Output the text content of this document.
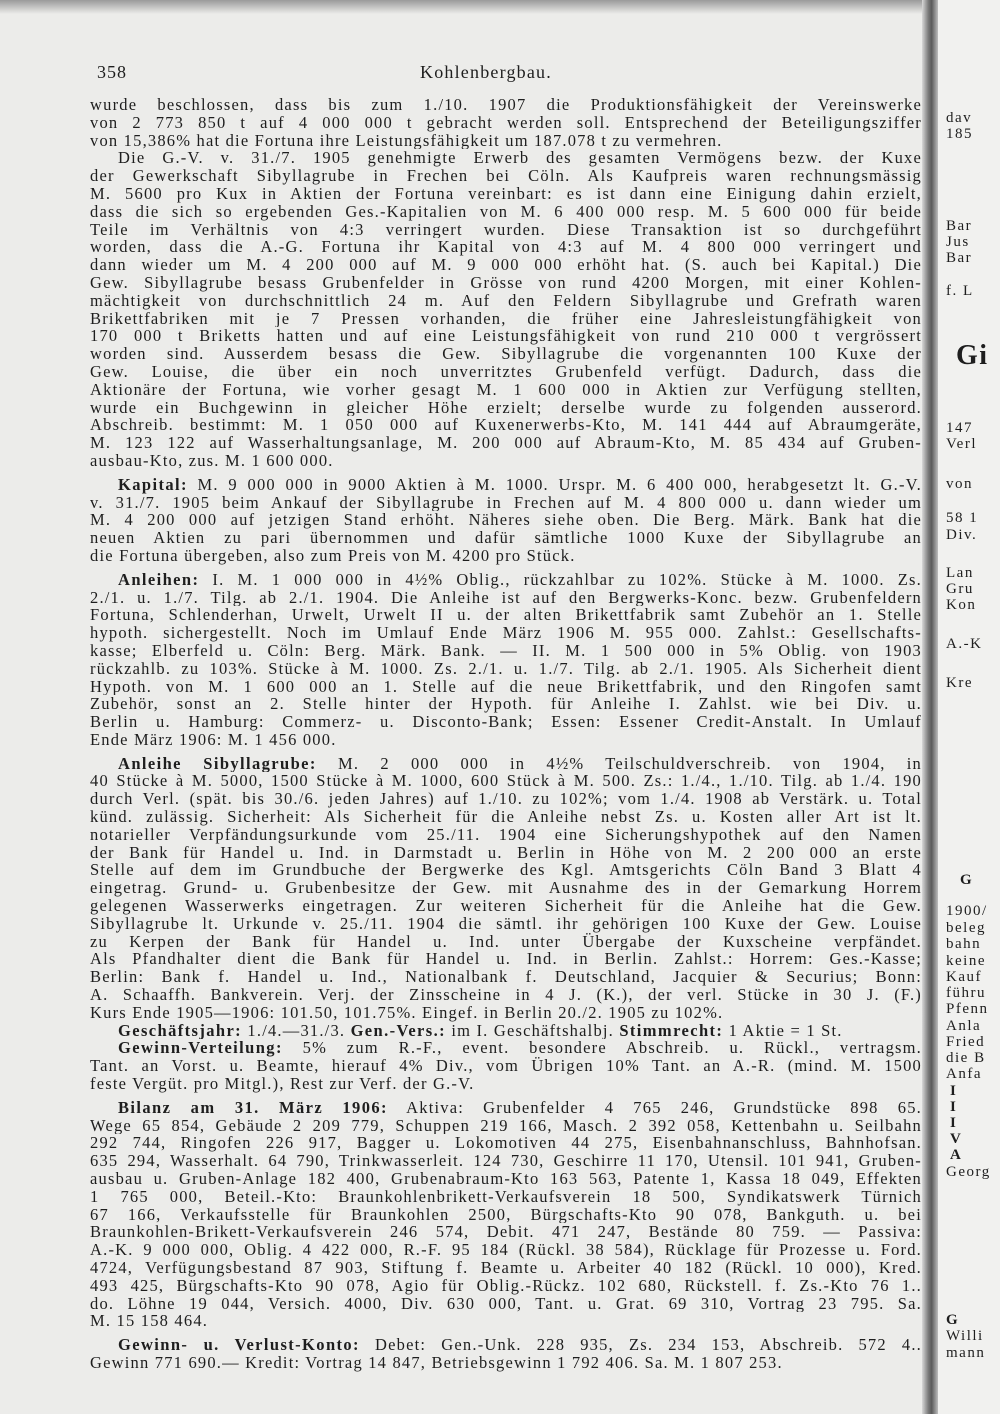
358	Kohlenbergbau.
wurde beschlossen, dass bis zum 1./10. 1907 die Produktionsfähigkeit der Vereinswerke
von 2 773 850 t auf 4 000 000 t gebracht werden soll. Entsprechend der Beteiligungsziffer
von 15,386% hat die Fortuna ihre Leistungsfähigkeit um 187.078 t zu vermehren.
Die G.-V. v. 31./7. 1905 genehmigte Erwerb des gesamten Vermögens bezw. der Kuxe
der Gewerkschaft Sibyllagrube in Frechen bei Cöln. Als Kaufpreis waren rechnungsmässig
M. 5600 pro Kux in Aktien der Fortuna vereinbart: es ist dann eine Einigung dahin erzielt,
dass die sich so ergebenden Ges.-Kapitalien von M. 6 400 000 resp. M. 5 600 000 für beide
Teile im Verhältnis von 4:3 verringert wurden. Diese Transaktion ist so durchgeführt
worden, dass die A.-G. Fortuna ihr Kapital von 4:3 auf M. 4 800 000 verringert und
dann wieder um M. 4 200 000 auf M. 9 000 000 erhöht hat. (S. auch bei Kapital.) Die
Gew. Sibyllagrube besass Grubenfelder in Grösse von rund 4200 Morgen, mit einer Kohlen-
mächtigkeit von durchschnittlich 24 m. Auf den Feldern Sibyllagrube und Grefrath waren
Brikettfabriken mit je 7 Pressen vorhanden, die früher eine Jahresleistungfähigkeit von
170 000 t Briketts hatten und auf eine Leistungsfähigkeit von rund 210 000 t vergrössert
worden sind. Ausserdem besass die Gew. Sibyllagrube die vorgenannten 100 Kuxe der
Gew. Louise, die über ein noch unverritztes Grubenfeld verfügt. Dadurch, dass die
Aktionäre der Fortuna, wie vorher gesagt M. 1 600 000 in Aktien zur Verfügung stellten,
wurde ein Buchgewinn in gleicher Höhe erzielt; derselbe wurde zu folgenden ausserord.
Abschreib. bestimmt: M. 1 050 000 auf Kuxenerwerbs-Kto, M. 141 444 auf Abraumgeräte,
M. 123 122 auf Wasserhaltungsanlage, M. 200 000 auf Abraum-Kto, M. 85 434 auf Gruben-
ausbau-Kto, zus. M. 1 600 000.
Kapital: M. 9 000 000 in 9000 Aktien à M. 1000. Urspr. M. 6 400 000, herabgesetzt lt. G.-V.
v. 31./7. 1905 beim Ankauf der Sibyllagrube in Frechen auf M. 4 800 000 u. dann wieder um
M. 4 200 000 auf jetzigen Stand erhöht. Näheres siehe oben. Die Berg. Märk. Bank hat die
neuen Aktien zu pari übernommen und dafür sämtliche 1000 Kuxe der Sibyllagrube an
die Fortuna übergeben, also zum Preis von M. 4200 pro Stück.
Anleihen: I. M. 1 000 000 in 4½% Oblig., rückzahlbar zu 102%. Stücke à M. 1000. Zs.
2./1. u. 1./7. Tilg. ab 2./1. 1904. Die Anleihe ist auf den Bergwerks-Konc. bezw. Grubenfeldern
Fortuna, Schlenderhan, Urwelt, Urwelt II u. der alten Brikettfabrik samt Zubehör an 1. Stelle
hypoth. sichergestellt. Noch im Umlauf Ende März 1906 M. 955 000. Zahlst.: Gesellschafts-
kasse; Elberfeld u. Cöln: Berg. Märk. Bank. — II. M. 1 500 000 in 5% Oblig. von 1903
rückzahlb. zu 103%. Stücke à M. 1000. Zs. 2./1. u. 1./7. Tilg. ab 2./1. 1905. Als Sicherheit dient
Hypoth. von M. 1 600 000 an 1. Stelle auf die neue Brikettfabrik, und den Ringofen samt
Zubehör, sonst an 2. Stelle hinter der Hypoth. für Anleihe I. Zahlst. wie bei Div. u.
Berlin u. Hamburg: Commerz- u. Disconto-Bank; Essen: Essener Credit-Anstalt. In Umlauf
Ende März 1906: M. 1 456 000.
Anleihe Sibyllagrube: M. 2 000 000 in 4½% Teilschuldverschreib. von 1904, in
40 Stücke à M. 5000, 1500 Stücke à M. 1000, 600 Stück à M. 500. Zs.: 1./4., 1./10. Tilg. ab 1./4. 190
durch Verl. (spät. bis 30./6. jeden Jahres) auf 1./10. zu 102%; vom 1./4. 1908 ab Verstärk. u. Total
künd. zulässig. Sicherheit: Als Sicherheit für die Anleihe nebst Zs. u. Kosten aller Art ist lt.
notarieller Verpfändungsurkunde vom 25./11. 1904 eine Sicherungshypothek auf den Namen
der Bank für Handel u. Ind. in Darmstadt u. Berlin in Höhe von M. 2 200 000 an erste
Stelle auf dem im Grundbuche der Bergwerke des Kgl. Amtsgerichts Cöln Band 3 Blatt 4
eingetrag. Grund- u. Grubenbesitze der Gew. mit Ausnahme des in der Gemarkung Horrem
gelegenen Wasserwerks eingetragen. Zur weiteren Sicherheit für die Anleihe hat die Gew.
Sibyllagrube lt. Urkunde v. 25./11. 1904 die sämtl. ihr gehörigen 100 Kuxe der Gew. Louise
zu Kerpen der Bank für Handel u. Ind. unter Übergabe der Kuxscheine verpfändet.
Als Pfandhalter dient die Bank für Handel u. Ind. in Berlin. Zahlst.: Horrem: Ges.-Kasse;
Berlin: Bank f. Handel u. Ind., Nationalbank f. Deutschland, Jacquier & Securius; Bonn:
A. Schaaffh. Bankverein. Verj. der Zinsscheine in 4 J. (K.), der verl. Stücke in 30 J. (F.)
Kurs Ende 1905—1906: 101.50, 101.75%. Eingef. in Berlin 20./2. 1905 zu 102%.
Geschäftsjahr: 1./4.—31./3. Gen.-Vers.: im I. Geschäftshalbj. Stimmrecht: 1 Aktie = 1 St.
Gewinn-Verteilung: 5% zum R.-F., event. besondere Abschreib. u. Rückl., vertragsm.
Tant. an Vorst. u. Beamte, hierauf 4% Div., vom Übrigen 10% Tant. an A.-R. (mind. M. 1500
feste Vergüt. pro Mitgl.), Rest zur Verf. der G.-V.
Bilanz am 31. März 1906: Aktiva: Grubenfelder 4 765 246, Grundstücke 898 65.
Wege 65 854, Gebäude 2 209 779, Schuppen 219 166, Masch. 2 392 058, Kettenbahn u. Seilbahn
292 744, Ringofen 226 917, Bagger u. Lokomotiven 44 275, Eisenbahnanschluss, Bahnhofsan.
635 294, Wasserhalt. 64 790, Trinkwasserleit. 124 730, Geschirre 11 170, Utensil. 101 941, Gruben-
ausbau u. Gruben-Anlage 182 400, Grubenabraum-Kto 163 563, Patente 1, Kassa 18 049, Effekten
1 765 000, Beteil.-Kto: Braunkohlenbrikett-Verkaufsverein 18 500, Syndikatswerk Türnich
67 166, Verkaufsstelle für Braunkohlen 2500, Bürgschafts-Kto 90 078, Bankguth. u. bei
Braunkohlen-Brikett-Verkaufsverein 246 574, Debit. 471 247, Bestände 80 759. — Passiva:
A.-K. 9 000 000, Oblig. 4 422 000, R.-F. 95 184 (Rückl. 38 584), Rücklage für Prozesse u. Ford.
4724, Verfügungsbestand 87 903, Stiftung f. Beamte u. Arbeiter 40 182 (Rückl. 10 000), Kred.
493 425, Bürgschafts-Kto 90 078, Agio für Oblig.-Rückz. 102 680, Rückstell. f. Zs.-Kto 76 1..
do. Löhne 19 044, Versich. 4000, Div. 630 000, Tant. u. Grat. 69 310, Vortrag 23 795. Sa.
M. 15 158 464.
Gewinn- u. Verlust-Konto: Debet: Gen.-Unk. 228 935, Zs. 234 153, Abschreib. 572 4..
Gewinn 771 690.— Kredit: Vortrag 14 847, Betriebsgewinn 1 792 406. Sa. M. 1 807 253.
dav
185
Bar
Jus
Bar
f. L
Gi
147
Verl
von
58 1
Div.
Lan
Gru
Kon
A.-K
Kre
G
1900/
beleg
bahn
keine
Kauf
führu
Pfenn
Anla
Fried
die B
Anfa
I
I
I
V
A
Georg
G
Willi
mann
